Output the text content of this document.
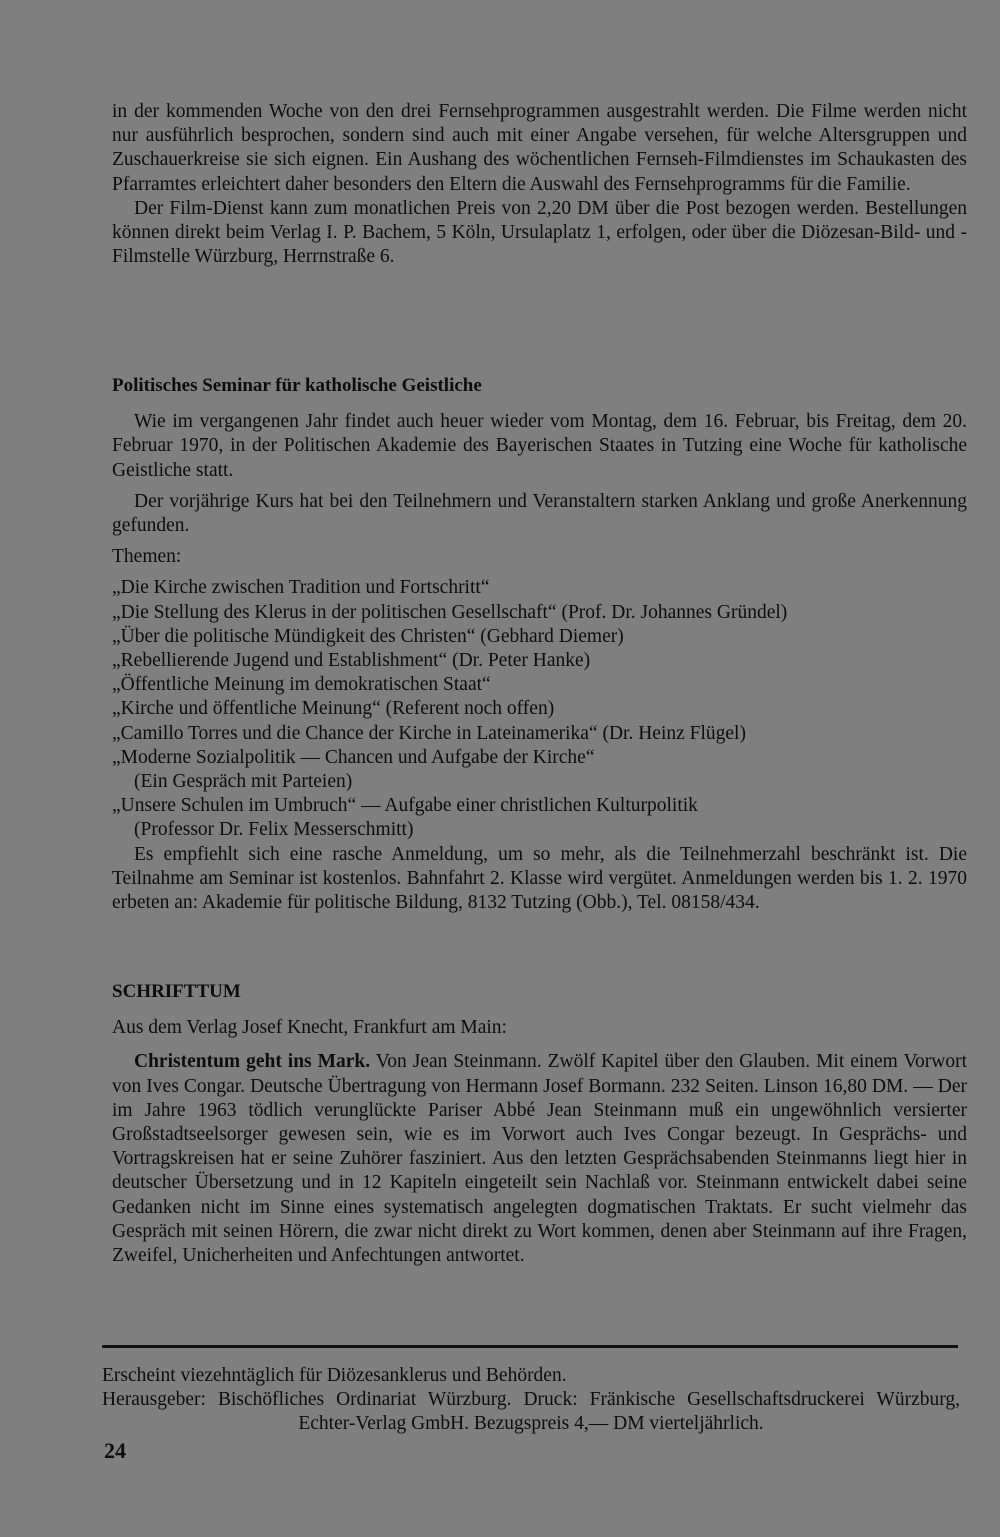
in der kommenden Woche von den drei Fernsehprogrammen ausgestrahlt werden. Die Filme werden nicht nur ausführlich besprochen, sondern sind auch mit einer Angabe versehen, für welche Altersgruppen und Zuschauerkreise sie sich eignen. Ein Aushang des wöchentlichen Fernseh-Filmdienstes im Schaukasten des Pfarramtes erleichtert daher besonders den Eltern die Auswahl des Fernsehprogramms für die Familie.

Der Film-Dienst kann zum monatlichen Preis von 2,20 DM über die Post bezogen werden. Bestellungen können direkt beim Verlag I. P. Bachem, 5 Köln, Ursulaplatz 1, erfolgen, oder über die Diözesan-Bild- und -Filmstelle Würzburg, Herrnstraße 6.

Politisches Seminar für katholische Geistliche

Wie im vergangenen Jahr findet auch heuer wieder vom Montag, dem 16. Februar, bis Freitag, dem 20. Februar 1970, in der Politischen Akademie des Bayerischen Staates in Tutzing eine Woche für katholische Geistliche statt.

Der vorjährige Kurs hat bei den Teilnehmern und Veranstaltern starken Anklang und große Anerkennung gefunden.

Themen:

„Die Kirche zwischen Tradition und Fortschritt“

„Die Stellung des Klerus in der politischen Gesellschaft“ (Prof. Dr. Johannes Gründel)

„Über die politische Mündigkeit des Christen“ (Gebhard Diemer)

„Rebellierende Jugend und Establishment“ (Dr. Peter Hanke)

„Öffentliche Meinung im demokratischen Staat“

„Kirche und öffentliche Meinung“ (Referent noch offen)

„Camillo Torres und die Chance der Kirche in Lateinamerika“ (Dr. Heinz Flügel)

„Moderne Sozialpolitik — Chancen und Aufgabe der Kirche“

(Ein Gespräch mit Parteien)

„Unsere Schulen im Umbruch“ — Aufgabe einer christlichen Kulturpolitik

(Professor Dr. Felix Messerschmitt)

Es empfiehlt sich eine rasche Anmeldung, um so mehr, als die Teilnehmerzahl beschränkt ist. Die Teilnahme am Seminar ist kostenlos. Bahnfahrt 2. Klasse wird vergütet. Anmeldungen werden bis 1. 2. 1970 erbeten an: Akademie für politische Bildung, 8132 Tutzing (Obb.), Tel. 08158/434.

SCHRIFTTUM

Aus dem Verlag Josef Knecht, Frankfurt am Main:

Christentum geht ins Mark. Von Jean Steinmann. Zwölf Kapitel über den Glauben. Mit einem Vorwort von Ives Congar. Deutsche Übertragung von Hermann Josef Bormann. 232 Seiten. Linson 16,80 DM. — Der im Jahre 1963 tödlich verunglückte Pariser Abbé Jean Steinmann muß ein ungewöhnlich versierter Großstadtseelsorger gewesen sein, wie es im Vorwort auch Ives Congar bezeugt. In Gesprächs- und Vortragskreisen hat er seine Zuhörer fasziniert. Aus den letzten Gesprächsabenden Steinmanns liegt hier in deutscher Übersetzung und in 12 Kapiteln eingeteilt sein Nachlaß vor. Steinmann entwickelt dabei seine Gedanken nicht im Sinne eines systematisch angelegten dogmatischen Traktats. Er sucht vielmehr das Gespräch mit seinen Hörern, die zwar nicht direkt zu Wort kommen, denen aber Steinmann auf ihre Fragen, Zweifel, Unicherheiten und Anfechtungen antwortet.

Erscheint viezehntäglich für Diözesanklerus und Behörden.

Herausgeber: Bischöfliches Ordinariat Würzburg. Druck: Fränkische Gesellschaftsdruckerei Würzburg, Echter-Verlag GmbH. Bezugspreis 4,— DM vierteljährlich.

24
